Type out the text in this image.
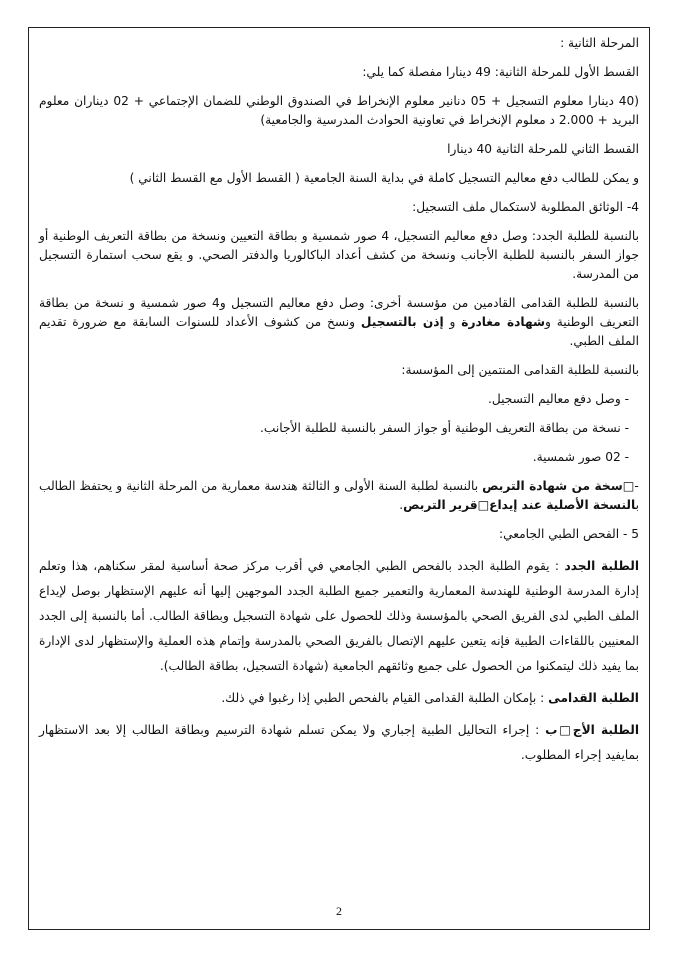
المرحلة الثانية :

القسط الأول للمرحلة الثانية: 49 دينارا مفصلة كما يلي:

(40 دينارا معلوم التسجيل + 05 دنانير معلوم الإنخراط في الصندوق الوطني للضمان الإجتماعي + 02 ديناران معلوم البريد + 2.000 د معلوم الإنخراط في تعاونية الحوادث المدرسية والجامعية)

القسط الثاني للمرحلة الثانية 40 دينارا

و يمكن للطالب دفع معاليم التسجيل كاملة في بداية السنة الجامعية ( القسط الأول مع القسط الثاني )

4- الوثائق المطلوبة لاستكمال ملف التسجيل:

بالنسبة للطلبة الجدد: وصل دفع معاليم التسجيل، 4 صور شمسية و بطاقة التعيين ونسخة من بطاقة التعريف الوطنية أو جواز السفر بالنسبة للطلبة الأجانب ونسخة من كشف أعداد الباكالوريا والدفتر الصحي. و يقع سحب استمارة التسجيل من المدرسة.

بالنسبة للطلبة القدامى القادمين من مؤسسة أخرى: وصل دفع معاليم التسجيل و4 صور شمسية و نسخة من بطاقة التعريف الوطنية وشهادة مغادرة و إذن بالتسجيل ونسخ من كشوف الأعداد للسنوات السابقة مع ضرورة تقديم الملف الطبي.

بالنسبة للطلبة القدامى المنتمين إلى المؤسسة:

- وصل دفع معاليم التسجيل.

- نسخة من بطاقة التعريف الوطنية أو جواز السفر بالنسبة للطلبة الأجانب.

- 02 صور شمسية.

-□سخة من شهادة التربص بالنسبة لطلبة السنة الأولى و الثالثة هندسة معمارية من المرحلة الثانية و يحتفظ الطالب بالنسخة الأصلية عند إيداع□قرير التربص.

5 - الفحص الطبي الجامعي:

الطلبة الجدد : يقوم الطلبة الجدد بالفحص الطبي الجامعي في أقرب مركز صحة أساسية لمقر سكناهم، هذا وتعلم إدارة المدرسة الوطنية للهندسة المعمارية والتعمير جميع الطلبة الجدد الموجهين إليها أنه عليهم الإستظهار بوصل لإيداع الملف الطبي لدى الفريق الصحي بالمؤسسة وذلك للحصول على شهادة التسجيل وبطاقة الطالب. أما بالنسبة إلى الجدد المعنيين باللقاءات الطبية فإنه يتعين عليهم الإتصال بالفريق الصحي بالمدرسة وإتمام هذه العملية والإستظهار لدى الإدارة بما يفيد ذلك ليتمكنوا من الحصول على جميع وثائقهم الجامعية (شهادة التسجيل، بطاقة الطالب).

الطلبة القدامى : بإمكان الطلبة القدامى القيام بالفحص الطبي إذا رغبوا في ذلك.

الطلبة الأج□ب : إجراء التحاليل الطبية إجباري ولا يمكن تسلم شهادة الترسيم وبطاقة الطالب إلا بعد الاستظهار بمايفيد إجراء المطلوب.

2
